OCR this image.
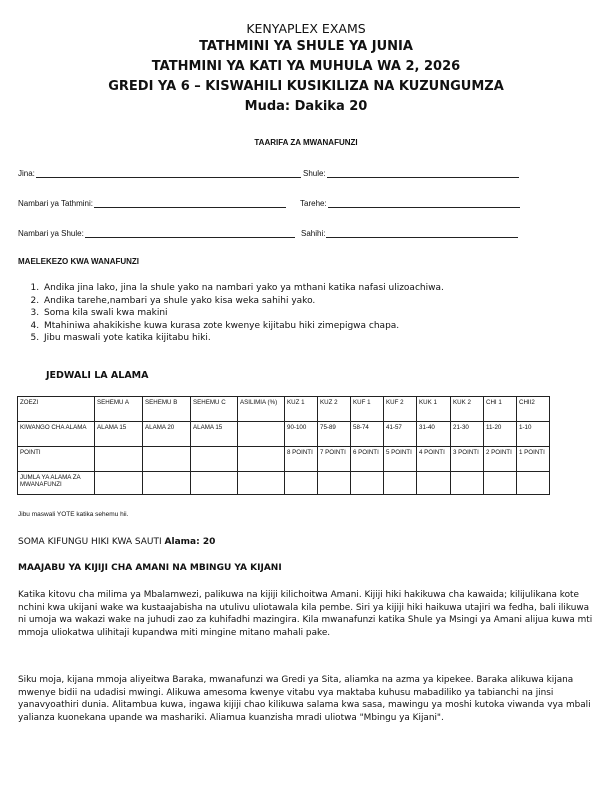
KENYAPLEX EXAMS
TATHMINI YA SHULE YA JUNIA
TATHMINI YA KATI YA MUHULA WA 2, 2026
GREDI YA 6 – KISWAHILI KUSIKILIZA NA KUZUNGUMZA
Muda: Dakika 20
TAARIFA ZA MWANAFUNZI
Jina:	Shule:
Nambari ya Tathmini:	Tarehe:
Nambari ya Shule:	Sahihi:
MAELEKEZO KWA WANAFUNZI
1. Andika jina lako, jina la shule yako na nambari yako ya mthani katika nafasi ulizoachiwa.
2. Andika tarehe,nambari ya shule yako kisa weka sahihi yako.
3. Soma kila swali kwa makini
4. Mtahiniwa ahakikishe kuwa kurasa zote kwenye kijitabu hiki zimepigwa chapa.
5. Jibu maswali yote katika kijitabu hiki.
JEDWALI LA ALAMA
ZOEZI	SEHEMU A	SEHEMU B	SEHEMU C	ASILIMIA (%)	KUZ 1	KUZ 2	KUF 1	KUF 2	KUK 1	KUK 2	CHI 1	CHII2
KIWANGO CHA ALAMA	ALAMA 15	ALAMA 20	ALAMA 15		90-100	75-89	58-74	41-57	31-40	21-30	11-20	1-10
POINTI					8 POINTI	7 POINTI	6 POINTI	5 POINTI	4 POINTI	3 POINTI	2 POINTI	1 POINTI
JUMLA YA ALAMA ZA MWANAFUNZI												
Jibu maswali YOTE katika sehemu hii.
SOMA KIFUNGU HIKI KWA SAUTI Alama: 20
MAAJABU YA KIJIJI CHA AMANI NA MBINGU YA KIJANI
Katika kitovu cha milima ya Mbalamwezi, palikuwa na kijiji kilichoitwa Amani. Kijiji hiki hakikuwa cha kawaida; kilijulikana kote nchini kwa ukijani wake wa kustaajabisha na utulivu uliotawala kila pembe. Siri ya kijiji hiki haikuwa utajiri wa fedha, bali ilikuwa ni umoja wa wakazi wake na juhudi zao za kuhifadhi mazingira. Kila mwanafunzi katika Shule ya Msingi ya Amani alijua kuwa mti mmoja uliokatwa ulihitaji kupandwa miti mingine mitano mahali pake.
Siku moja, kijana mmoja aliyeitwa Baraka, mwanafunzi wa Gredi ya Sita, aliamka na azma ya kipekee. Baraka alikuwa kijana mwenye bidii na udadisi mwingi. Alikuwa amesoma kwenye vitabu vya maktaba kuhusu mabadiliko ya tabianchi na jinsi yanavyoathiri dunia. Alitambua kuwa, ingawa kijiji chao kilikuwa salama kwa sasa, mawingu ya moshi kutoka viwanda vya mbali yalianza kuonekana upande wa mashariki. Aliamua kuanzisha mradi uliotwa "Mbingu ya Kijani".
